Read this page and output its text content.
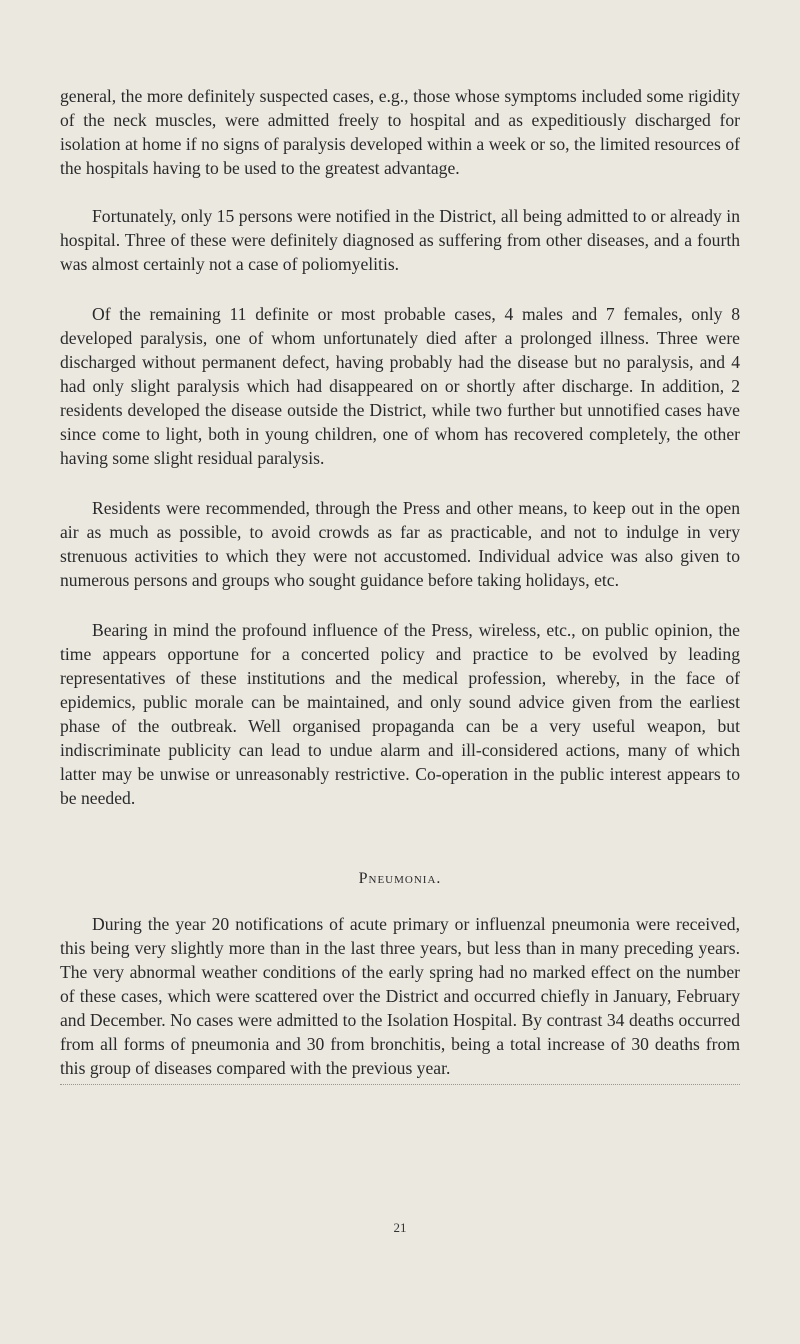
general, the more definitely suspected cases, e.g., those whose symptoms included some rigidity of the neck muscles, were admitted freely to hospital and as expeditiously discharged for isolation at home if no signs of paralysis developed within a week or so, the limited resources of the hospitals having to be used to the greatest advantage.

Fortunately, only 15 persons were notified in the District, all being admitted to or already in hospital. Three of these were definitely diagnosed as suffering from other diseases, and a fourth was almost certainly not a case of poliomyelitis.

Of the remaining 11 definite or most probable cases, 4 males and 7 females, only 8 developed paralysis, one of whom unfortunately died after a prolonged illness. Three were discharged without permanent defect, having probably had the disease but no paralysis, and 4 had only slight paralysis which had disappeared on or shortly after discharge. In addition, 2 residents developed the disease outside the District, while two further but unnotified cases have since come to light, both in young children, one of whom has recovered completely, the other having some slight residual paralysis.

Residents were recommended, through the Press and other means, to keep out in the open air as much as possible, to avoid crowds as far as practicable, and not to indulge in very strenuous activities to which they were not accustomed. Individual advice was also given to numerous persons and groups who sought guidance before taking holidays, etc.

Bearing in mind the profound influence of the Press, wireless, etc., on public opinion, the time appears opportune for a concerted policy and practice to be evolved by leading representatives of these institutions and the medical profession, whereby, in the face of epidemics, public morale can be maintained, and only sound advice given from the earliest phase of the outbreak. Well organised propaganda can be a very useful weapon, but indiscriminate publicity can lead to undue alarm and ill-considered actions, many of which latter may be unwise or unreasonably restrictive. Co-operation in the public interest appears to be needed.

Pneumonia.

During the year 20 notifications of acute primary or influenzal pneumonia were received, this being very slightly more than in the last three years, but less than in many preceding years. The very abnormal weather conditions of the early spring had no marked effect on the number of these cases, which were scattered over the District and occurred chiefly in January, February and December. No cases were admitted to the Isolation Hospital. By contrast 34 deaths occurred from all forms of pneumonia and 30 from bronchitis, being a total increase of 30 deaths from this group of diseases compared with the previous year.

21
